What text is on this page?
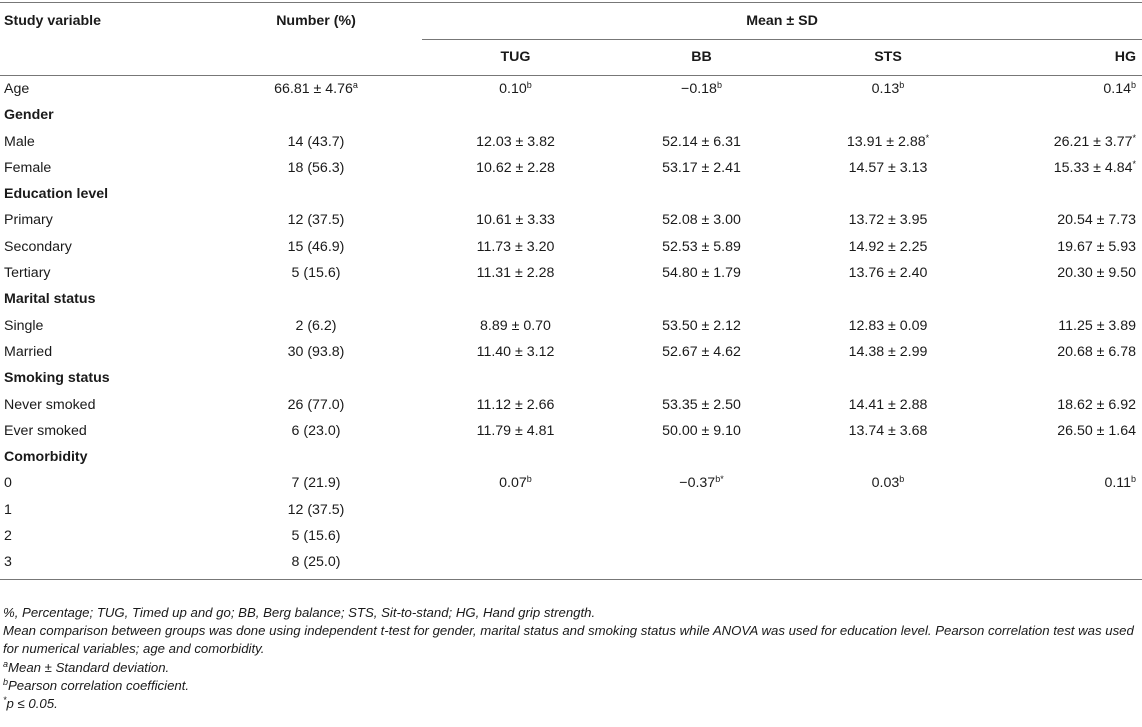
Study variable	Number (%)	Mean ± SD			
		TUG	BB	STS	HG
Age	66.81 ± 4.76$^a$	0.10$^b$	−0.18$^b$	0.13$^b$	0.14$^b$
Gender					
Male	14 (43.7)	12.03 ± 3.82	52.14 ± 6.31	13.91 ± 2.88*	26.21 ± 3.77*
Female	18 (56.3)	10.62 ± 2.28	53.17 ± 2.41	14.57 ± 3.13	15.33 ± 4.84*
Education level					
Primary	12 (37.5)	10.61 ± 3.33	52.08 ± 3.00	13.72 ± 3.95	20.54 ± 7.73
Secondary	15 (46.9)	11.73 ± 3.20	52.53 ± 5.89	14.92 ± 2.25	19.67 ± 5.93
Tertiary	5 (15.6)	11.31 ± 2.28	54.80 ± 1.79	13.76 ± 2.40	20.30 ± 9.50
Marital status					
Single	2 (6.2)	8.89 ± 0.70	53.50 ± 2.12	12.83 ± 0.09	11.25 ± 3.89
Married	30 (93.8)	11.40 ± 3.12	52.67 ± 4.62	14.38 ± 2.99	20.68 ± 6.78
Smoking status					
Never smoked	26 (77.0)	11.12 ± 2.66	53.35 ± 2.50	14.41 ± 2.88	18.62 ± 6.92
Ever smoked	6 (23.0)	11.79 ± 4.81	50.00 ± 9.10	13.74 ± 3.68	26.50 ± 1.64
Comorbidity					
0	7 (21.9)	0.07$^b$	$-0.37^{b*}$	0.03$^b$	0.11$^b$
1	12 (37.5)				
2	5 (15.6)				
3	8 (25.0)				

%, Percentage; TUG, Timed up and go; BB, Berg balance; STS, Sit-to-stand; HG, Hand grip strength.

Mean comparison between groups was done using independent t-test for gender, marital status and smoking status while ANOVA was used for education level. Pearson correlation test was used for numerical variables; age and comorbidity.

$^a$Mean ± Standard deviation.

$^b$Pearson correlation coefficient.

*p ≤ 0.05.
